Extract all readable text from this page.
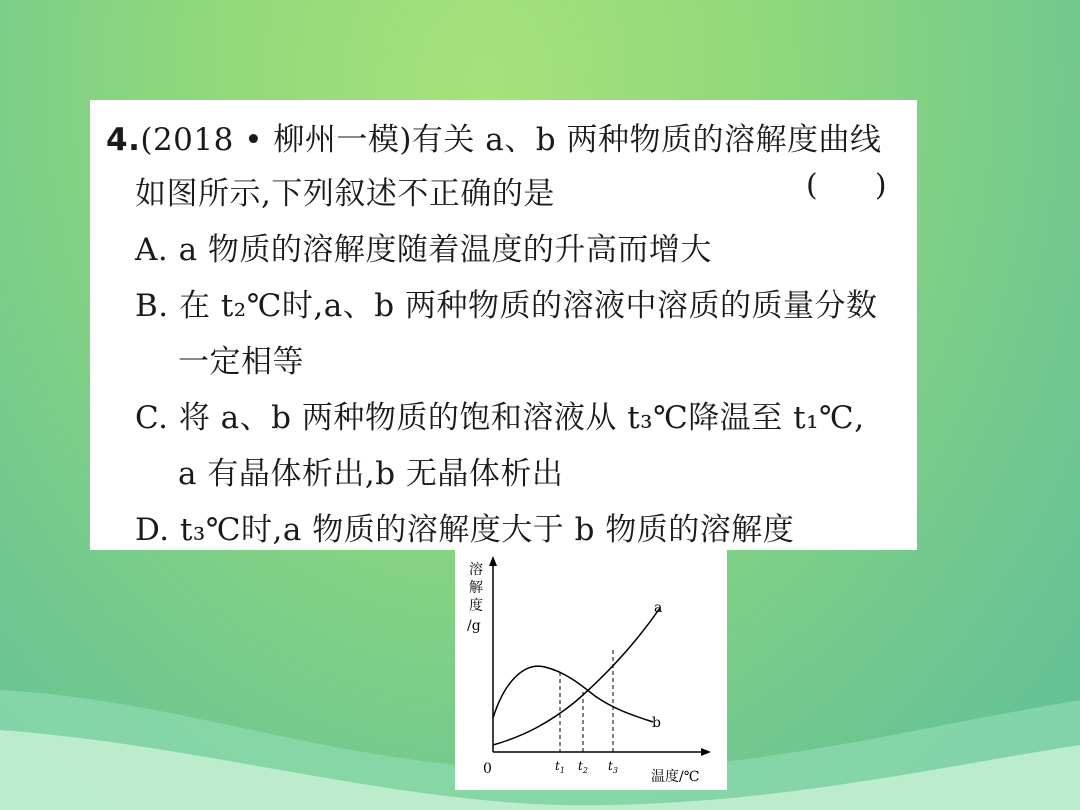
4.(2018 • 柳州一模)有关 a、b 两种物质的溶解度曲线
如图所示,下列叙述不正确的是	(      )
A. a 物质的溶解度随着温度的升高而增大
B. 在 t₂℃时,a、b 两种物质的溶液中溶质的质量分数
一定相等
C. 将 a、b 两种物质的饱和溶液从 t₃℃降温至 t₁℃,
a 有晶体析出,b 无晶体析出
D. t₃℃时,a 物质的溶解度大于 b 物质的溶解度
溶
解
度
/g
0
a
b
$t_1$ $t_2$ $t_3$ 温度/℃
